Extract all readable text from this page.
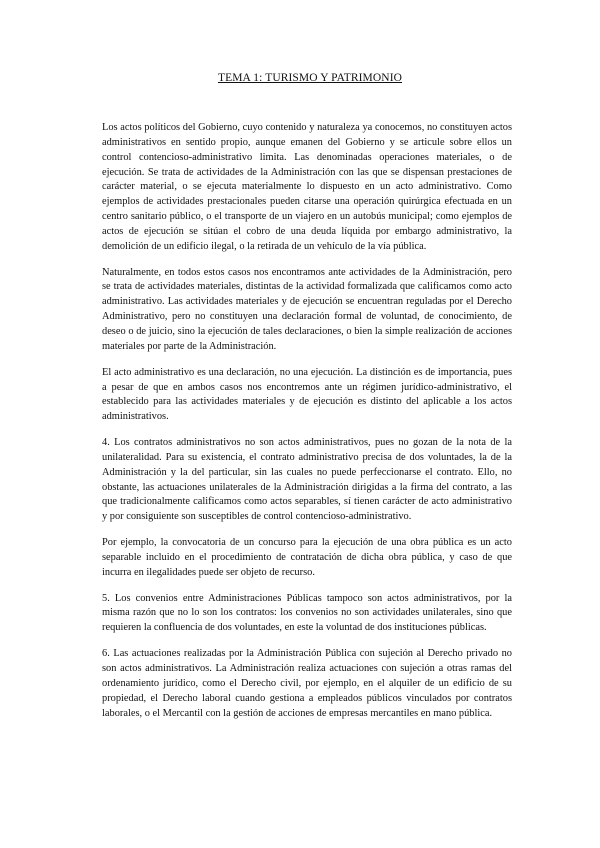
TEMA 1: TURISMO Y PATRIMONIO

Los actos políticos del Gobierno, cuyo contenido y naturaleza ya conocemos, no constituyen actos administrativos en sentido propio, aunque emanen del Gobierno y se articule sobre ellos un control contencioso-administrativo limita. Las denominadas operaciones materiales, o de ejecución. Se trata de actividades de la Administración con las que se dispensan prestaciones de carácter material, o se ejecuta materialmente lo dispuesto en un acto administrativo. Como ejemplos de actividades prestacionales pueden citarse una operación quirúrgica efectuada en un centro sanitario público, o el transporte de un viajero en un autobús municipal; como ejemplos de actos de ejecución se sitúan el cobro de una deuda líquida por embargo administrativo, la demolición de un edificio ilegal, o la retirada de un vehículo de la vía pública.

Naturalmente, en todos estos casos nos encontramos ante actividades de la Administración, pero se trata de actividades materiales, distintas de la actividad formalizada que calificamos como acto administrativo. Las actividades materiales y de ejecución se encuentran reguladas por el Derecho Administrativo, pero no constituyen una declaración formal de voluntad, de conocimiento, de deseo o de juicio, sino la ejecución de tales declaraciones, o bien la simple realización de acciones materiales por parte de la Administración.

El acto administrativo es una declaración, no una ejecución. La distinción es de importancia, pues a pesar de que en ambos casos nos encontremos ante un régimen jurídico-administrativo, el establecido para las actividades materiales y de ejecución es distinto del aplicable a los actos administrativos.

4. Los contratos administrativos no son actos administrativos, pues no gozan de la nota de la unilateralidad. Para su existencia, el contrato administrativo precisa de dos voluntades, la de la Administración y la del particular, sin las cuales no puede perfeccionarse el contrato. Ello, no obstante, las actuaciones unilaterales de la Administración dirigidas a la firma del contrato, a las que tradicionalmente calificamos como actos separables, sí tienen carácter de acto administrativo y por consiguiente son susceptibles de control contencioso-administrativo.

Por ejemplo, la convocatoria de un concurso para la ejecución de una obra pública es un acto separable incluido en el procedimiento de contratación de dicha obra pública, y caso de que incurra en ilegalidades puede ser objeto de recurso.

5. Los convenios entre Administraciones Públicas tampoco son actos administrativos, por la misma razón que no lo son los contratos: los convenios no son actividades unilaterales, sino que requieren la confluencia de dos voluntades, en este la voluntad de dos instituciones públicas.

6. Las actuaciones realizadas por la Administración Pública con sujeción al Derecho privado no son actos administrativos. La Administración realiza actuaciones con sujeción a otras ramas del ordenamiento jurídico, como el Derecho civil, por ejemplo, en el alquiler de un edificio de su propiedad, el Derecho laboral cuando gestiona a empleados públicos vinculados por contratos laborales, o el Mercantil con la gestión de acciones de empresas mercantiles en mano pública.
